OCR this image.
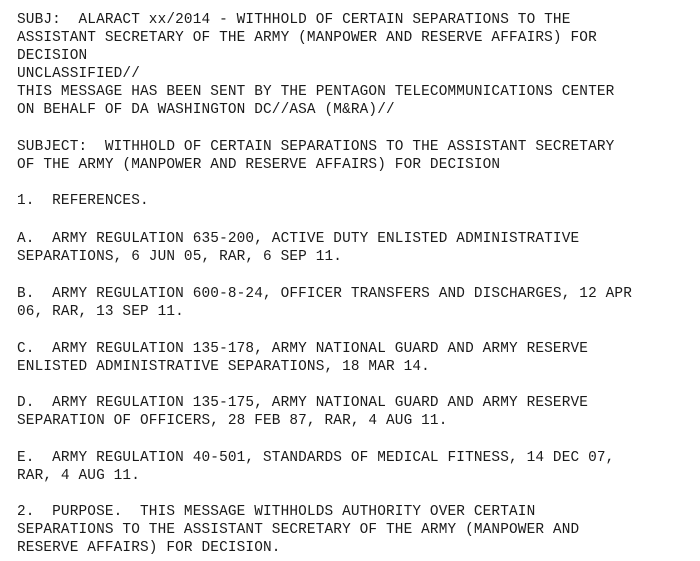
SUBJ:  ALARACT xx/2014 - WITHHOLD OF CERTAIN SEPARATIONS TO THE

ASSISTANT SECRETARY OF THE ARMY (MANPOWER AND RESERVE AFFAIRS) FOR

DECISION

UNCLASSIFIED//

THIS MESSAGE HAS BEEN SENT BY THE PENTAGON TELECOMMUNICATIONS CENTER

ON BEHALF OF DA WASHINGTON DC//ASA (M&RA)//

SUBJECT:  WITHHOLD OF CERTAIN SEPARATIONS TO THE ASSISTANT SECRETARY

OF THE ARMY (MANPOWER AND RESERVE AFFAIRS) FOR DECISION

1.  REFERENCES.

A.  ARMY REGULATION 635-200, ACTIVE DUTY ENLISTED ADMINISTRATIVE

SEPARATIONS, 6 JUN 05, RAR, 6 SEP 11.

B.  ARMY REGULATION 600-8-24, OFFICER TRANSFERS AND DISCHARGES, 12 APR

06, RAR, 13 SEP 11.

C.  ARMY REGULATION 135-178, ARMY NATIONAL GUARD AND ARMY RESERVE

ENLISTED ADMINISTRATIVE SEPARATIONS, 18 MAR 14.

D.  ARMY REGULATION 135-175, ARMY NATIONAL GUARD AND ARMY RESERVE

SEPARATION OF OFFICERS, 28 FEB 87, RAR, 4 AUG 11.

E.  ARMY REGULATION 40-501, STANDARDS OF MEDICAL FITNESS, 14 DEC 07,

RAR, 4 AUG 11.

2.  PURPOSE.  THIS MESSAGE WITHHOLDS AUTHORITY OVER CERTAIN

SEPARATIONS TO THE ASSISTANT SECRETARY OF THE ARMY (MANPOWER AND

RESERVE AFFAIRS) FOR DECISION.
